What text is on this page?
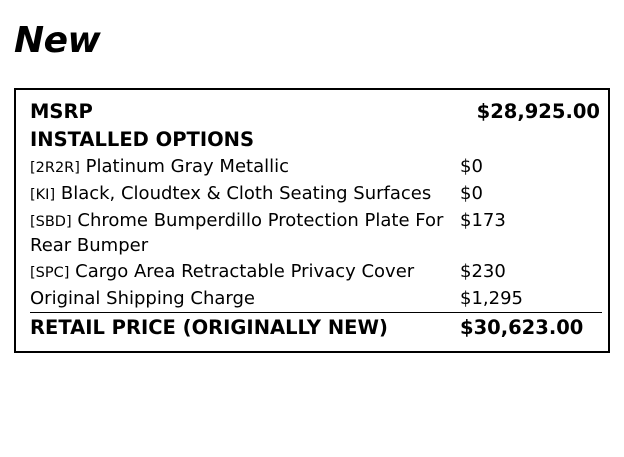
New
MSRP	$28,925.00
INSTALLED OPTIONS	
[2R2R] Platinum Gray Metallic	$0
[KI] Black, Cloudtex & Cloth Seating Surfaces	$0
[SBD] Chrome Bumperdillo Protection Plate For Rear Bumper	$173
[SPC] Cargo Area Retractable Privacy Cover	$230
Original Shipping Charge	$1,295
RETAIL PRICE (ORIGINALLY NEW)	$30,623.00
